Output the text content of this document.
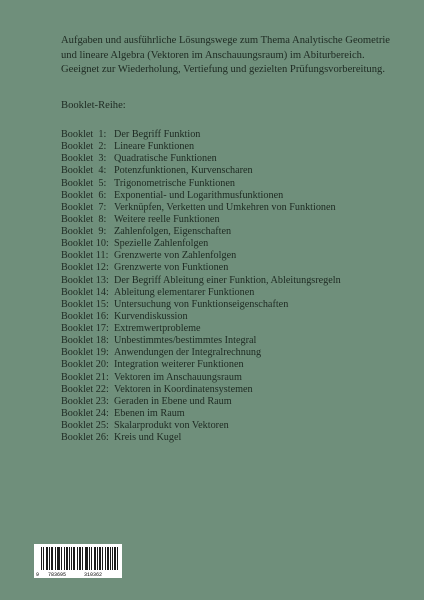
Aufgaben und ausführliche Lösungswege zum Thema Analytische Geometrie und lineare Algebra (Vektoren im Anschauungsraum) im Abiturbereich. Geeignet zur Wiederholung, Vertiefung und gezielten Prüfungsvorbereitung.

Booklet-Reihe:

Booklet  1: Der Begriff Funktion
Booklet  2: Lineare Funktionen
Booklet  3: Quadratische Funktionen
Booklet  4: Potenzfunktionen, Kurvenscharen
Booklet  5: Trigonometrische Funktionen
Booklet  6: Exponential- und Logarithmusfunktionen
Booklet  7: Verknüpfen, Verketten und Umkehren von Funktionen
Booklet  8: Weitere reelle Funktionen
Booklet  9: Zahlenfolgen, Eigenschaften
Booklet 10: Spezielle Zahlenfolgen
Booklet 11: Grenzwerte von Zahlenfolgen
Booklet 12: Grenzwerte von Funktionen
Booklet 13: Der Begriff Ableitung einer Funktion, Ableitungsregeln
Booklet 14: Ableitung elementarer Funktionen
Booklet 15: Untersuchung von Funktionseigenschaften
Booklet 16: Kurvendiskussion
Booklet 17: Extremwertprobleme
Booklet 18: Unbestimmtes/bestimmtes Integral
Booklet 19: Anwendungen der Integralrechnung
Booklet 20: Integration weiterer Funktionen
Booklet 21: Vektoren im Anschauungsraum
Booklet 22: Vektoren in Koordinatensystemen
Booklet 23: Geraden in Ebene und Raum
Booklet 24: Ebenen im Raum
Booklet 25: Skalarprodukt von Vektoren
Booklet 26: Kreis und Kugel
9 783695	310362
